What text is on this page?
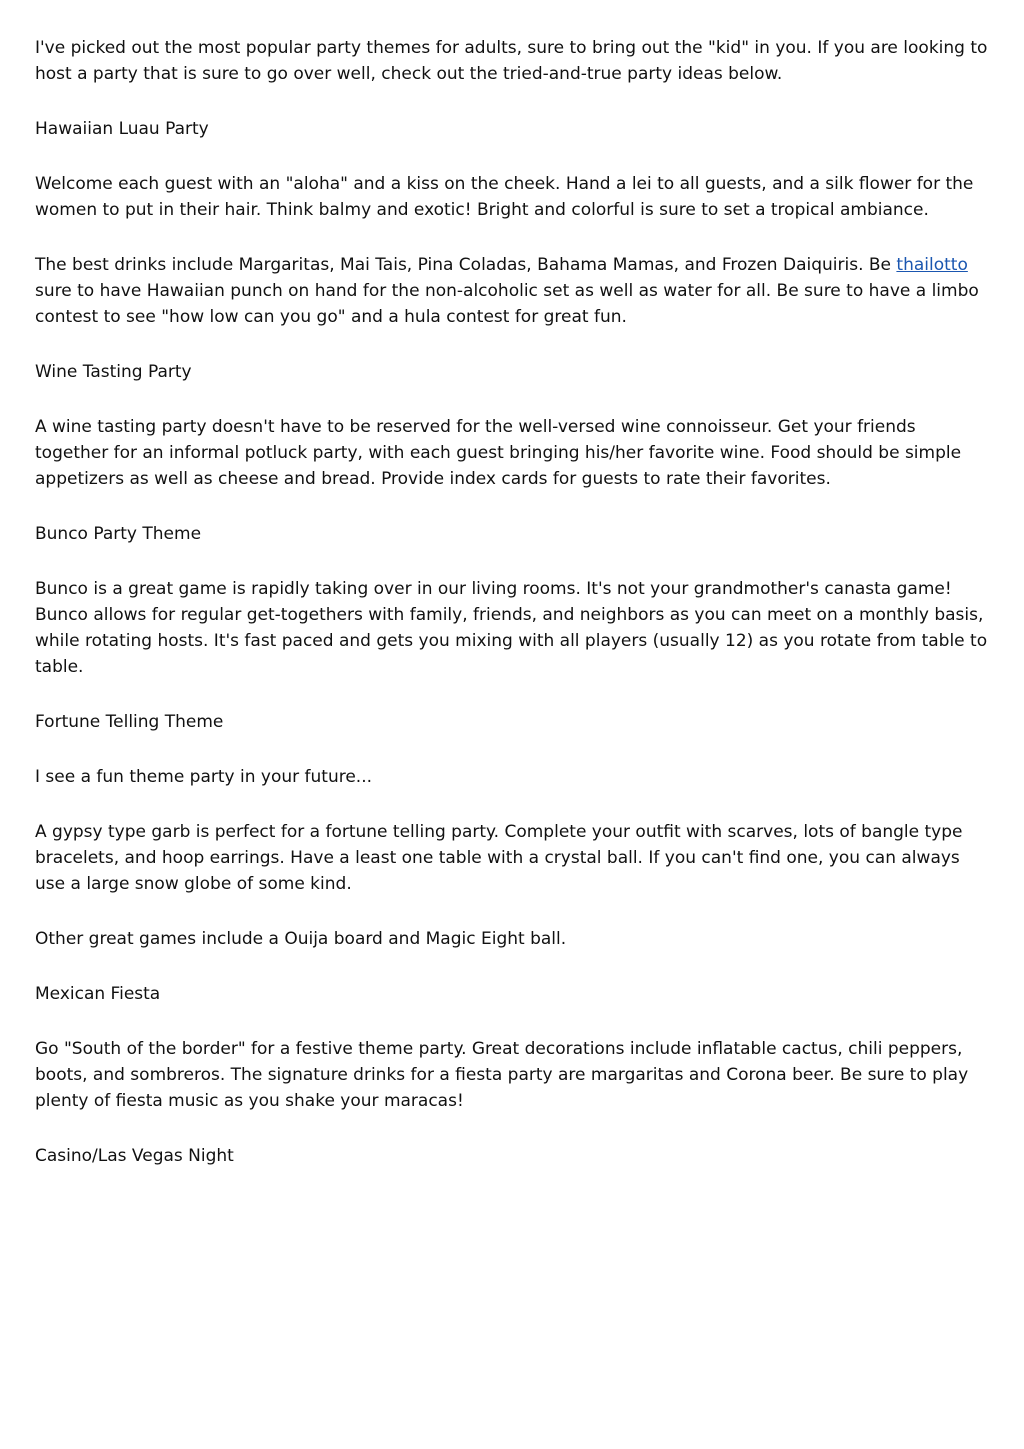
I've picked out the most popular party themes for adults, sure to bring out the "kid" in you. If you are looking to host a party that is sure to go over well, check out the tried-and-true party ideas below.

Hawaiian Luau Party

Welcome each guest with an "aloha" and a kiss on the cheek. Hand a lei to all guests, and a silk flower for the women to put in their hair. Think balmy and exotic! Bright and colorful is sure to set a tropical ambiance.

The best drinks include Margaritas, Mai Tais, Pina Coladas, Bahama Mamas, and Frozen Daiquiris. Be thailotto sure to have Hawaiian punch on hand for the non-alcoholic set as well as water for all. Be sure to have a limbo contest to see "how low can you go" and a hula contest for great fun.

Wine Tasting Party

A wine tasting party doesn't have to be reserved for the well-versed wine connoisseur. Get your friends together for an informal potluck party, with each guest bringing his/her favorite wine. Food should be simple appetizers as well as cheese and bread. Provide index cards for guests to rate their favorites.

Bunco Party Theme

Bunco is a great game is rapidly taking over in our living rooms. It's not your grandmother's canasta game! Bunco allows for regular get-togethers with family, friends, and neighbors as you can meet on a monthly basis, while rotating hosts. It's fast paced and gets you mixing with all players (usually 12) as you rotate from table to table.

Fortune Telling Theme

I see a fun theme party in your future...

A gypsy type garb is perfect for a fortune telling party. Complete your outfit with scarves, lots of bangle type bracelets, and hoop earrings. Have a least one table with a crystal ball. If you can't find one, you can always use a large snow globe of some kind.

Other great games include a Ouija board and Magic Eight ball.

Mexican Fiesta

Go "South of the border" for a festive theme party. Great decorations include inflatable cactus, chili peppers, boots, and sombreros. The signature drinks for a fiesta party are margaritas and Corona beer. Be sure to play plenty of fiesta music as you shake your maracas!

Casino/Las Vegas Night
